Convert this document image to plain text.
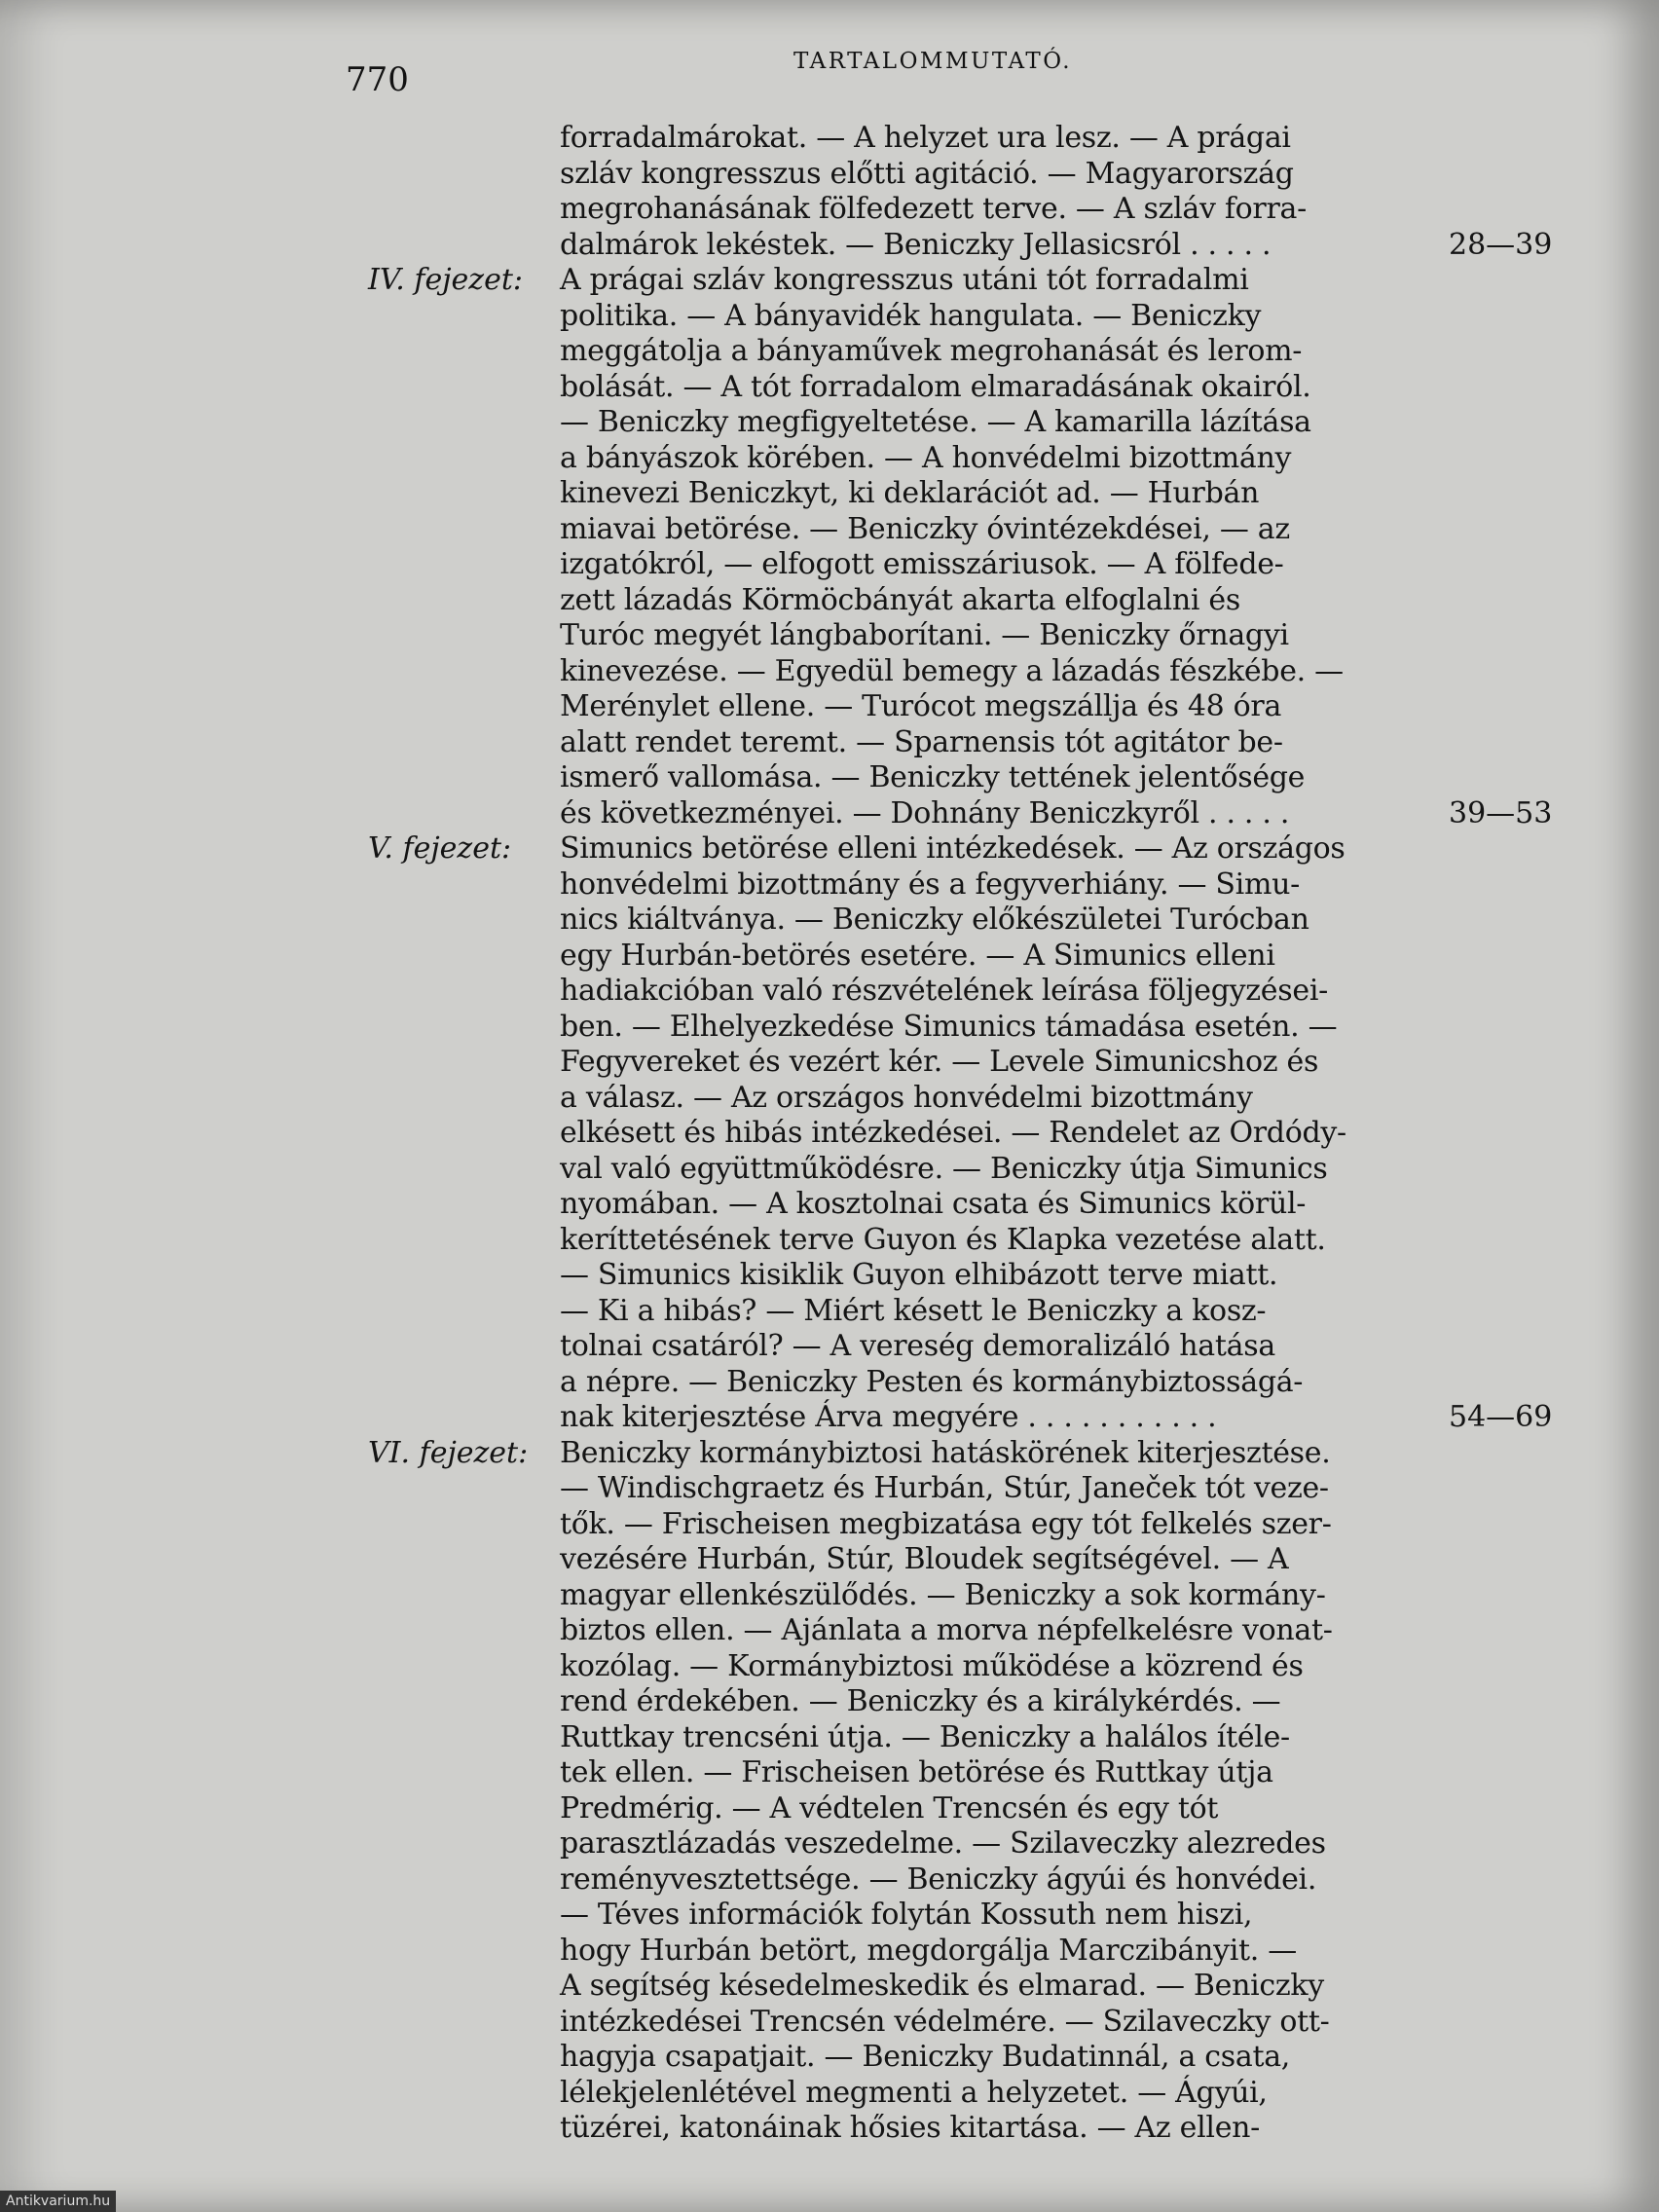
770	TARTALOMMUTATÓ.
forradalmárokat. — A helyzet ura lesz. — A prágai
szláv kongresszus előtti agitáció. — Magyarország
megrohanásának fölfedezett terve. — A szláv forra-
dalmárok lekéstek. — Beniczky Jellasicsról . . . . .
A prágai szláv kongresszus utáni tót forradalmi
politika. — A bányavidék hangulata. — Beniczky
meggátolja a bányaművek megrohanását és lerom-
bolását. — A tót forradalom elmaradásának okairól.
— Beniczky megfigyeltetése. — A kamarilla lázítása
a bányászok körében. — A honvédelmi bizottmány
kinevezi Beniczkyt, ki deklarációt ad. — Hurbán
miavai betörése. — Beniczky óvintézekdései, — az
izgatókról, — elfogott emisszáriusok. — A fölfede-
zett lázadás Körmöcbányát akarta elfoglalni és
Turóc megyét lángbaborítani. — Beniczky őrnagyi
kinevezése. — Egyedül bemegy a lázadás fészkébe. —
Merénylet ellene. — Turócot megszállja és 48 óra
alatt rendet teremt. — Sparnensis tót agitátor be-
ismerő vallomása. — Beniczky tettének jelentősége
és következményei. — Dohnány Beniczkyről . . . . .
Simunics betörése elleni intézkedések. — Az országos
honvédelmi bizottmány és a fegyverhiány. — Simu-
nics kiáltványa. — Beniczky előkészületei Turócban
egy Hurbán-betörés esetére. — A Simunics elleni
hadiakcióban való részvételének leírása följegyzései-
ben. — Elhelyezkedése Simunics támadása esetén. —
Fegyvereket és vezért kér. — Levele Simunicshoz és
a válasz. — Az országos honvédelmi bizottmány
elkésett és hibás intézkedései. — Rendelet az Ordódy-
val való együttműködésre. — Beniczky útja Simunics
nyomában. — A kosztolnai csata és Simunics körül-
keríttetésének terve Guyon és Klapka vezetése alatt.
— Simunics kisiklik Guyon elhibázott terve miatt.
— Ki a hibás? — Miért késett le Beniczky a kosz-
tolnai csatáról? — A vereség demoralizáló hatása
a népre. — Beniczky Pesten és kormánybiztosságá-
nak kiterjesztése Árva megyére . . . . . . . . . . .
Beniczky kormánybiztosi hatáskörének kiterjesztése.
— Windischgraetz és Hurbán, Stúr, Janeček tót veze-
tők. — Frischeisen megbizatása egy tót felkelés szer-
vezésére Hurbán, Stúr, Bloudek segítségével. — A
magyar ellenkészülődés. — Beniczky a sok kormány-
biztos ellen. — Ajánlata a morva népfelkelésre vonat-
kozólag. — Kormánybiztosi működése a közrend és
rend érdekében. — Beniczky és a királykérdés. —
Ruttkay trencséni útja. — Beniczky a halálos ítéle-
tek ellen. — Frischeisen betörése és Ruttkay útja
Predmérig. — A védtelen Trencsén és egy tót
parasztlázadás veszedelme. — Szilaveczky alezredes
reményvesztettsége. — Beniczky ágyúi és honvédei.
— Téves információk folytán Kossuth nem hiszi,
hogy Hurbán betört, megdorgálja Marczibányit. —
A segítség késedelmeskedik és elmarad. — Beniczky
intézkedései Trencsén védelmére. — Szilaveczky ott-
hagyja csapatjait. — Beniczky Budatinnál, a csata,
lélekjelenlétével megmenti a helyzetet. — Ágyúi,
tüzérei, katonáinak hősies kitartása. — Az ellen-
IV. fejezet:
V. fejezet:
VI. fejezet:
28—39
39—53
54—69
Antikvarium.hu
